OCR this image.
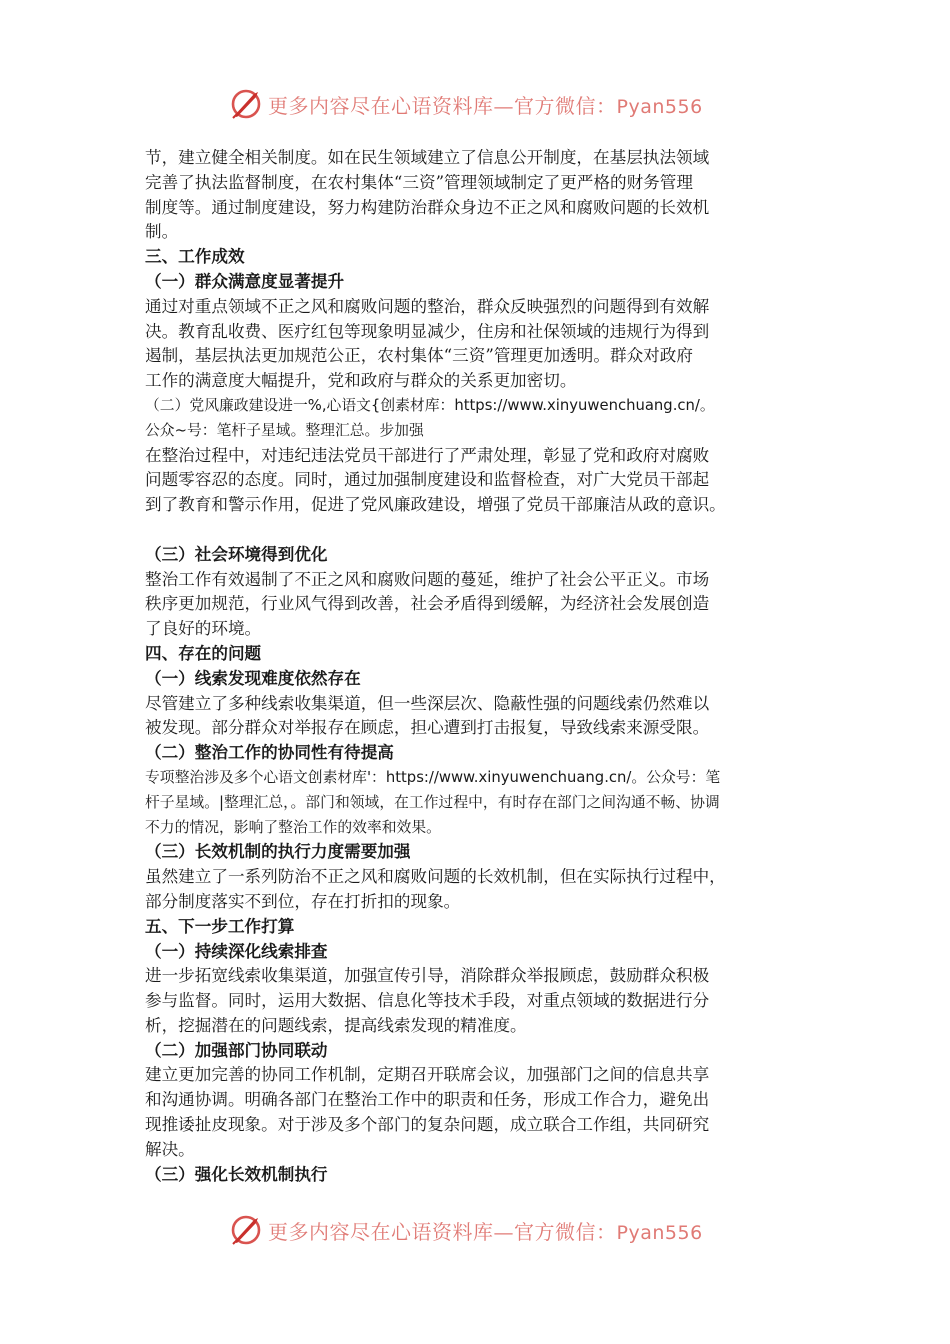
更多内容尽在心语资料库—官方微信：Pyan556

节，建立健全相关制度。如在民生领域建立了信息公开制度，在基层执法领域
完善了执法监督制度，在农村集体“三资”管理领域制定了更严格的财务管理
制度等。通过制度建设，努力构建防治群众身边不正之风和腐败问题的长效机
制。

三、工作成效

（一）群众满意度显著提升

通过对重点领域不正之风和腐败问题的整治，群众反映强烈的问题得到有效解
决。教育乱收费、医疗红包等现象明显减少，住房和社保领域的违规行为得到
遏制，基层执法更加规范公正，农村集体“三资”管理更加透明。群众对政府
工作的满意度大幅提升，党和政府与群众的关系更加密切。

（二）党风廉政建设进一%,心语文{创素材库：https://www.xinyuwenchuang.cn/。
公众~号：笔杆子星域。整理汇总。步加强

在整治过程中，对违纪违法党员干部进行了严肃处理，彰显了党和政府对腐败
问题零容忍的态度。同时，通过加强制度建设和监督检查，对广大党员干部起
到了教育和警示作用，促进了党风廉政建设，增强了党员干部廉洁从政的意识。

（三）社会环境得到优化

整治工作有效遏制了不正之风和腐败问题的蔓延，维护了社会公平正义。市场
秩序更加规范，行业风气得到改善，社会矛盾得到缓解，为经济社会发展创造
了良好的环境。

四、存在的问题

（一）线索发现难度依然存在

尽管建立了多种线索收集渠道，但一些深层次、隐蔽性强的问题线索仍然难以
被发现。部分群众对举报存在顾虑，担心遭到打击报复，导致线索来源受限。

（二）整治工作的协同性有待提高

专项整治涉及多个心语文创素材库'：https://www.xinyuwenchuang.cn/。公众号：笔
杆子星域。|整理汇总，。部门和领域，在工作过程中，有时存在部门之间沟通不畅、协调
不力的情况，影响了整治工作的效率和效果。

（三）长效机制的执行力度需要加强

虽然建立了一系列防治不正之风和腐败问题的长效机制，但在实际执行过程中，
部分制度落实不到位，存在打折扣的现象。

五、下一步工作打算

（一）持续深化线索排查

进一步拓宽线索收集渠道，加强宣传引导，消除群众举报顾虑，鼓励群众积极
参与监督。同时，运用大数据、信息化等技术手段，对重点领域的数据进行分
析，挖掘潜在的问题线索，提高线索发现的精准度。

（二）加强部门协同联动

建立更加完善的协同工作机制，定期召开联席会议，加强部门之间的信息共享
和沟通协调。明确各部门在整治工作中的职责和任务，形成工作合力，避免出
现推诿扯皮现象。对于涉及多个部门的复杂问题，成立联合工作组，共同研究
解决。

（三）强化长效机制执行

更多内容尽在心语资料库—官方微信：Pyan556
